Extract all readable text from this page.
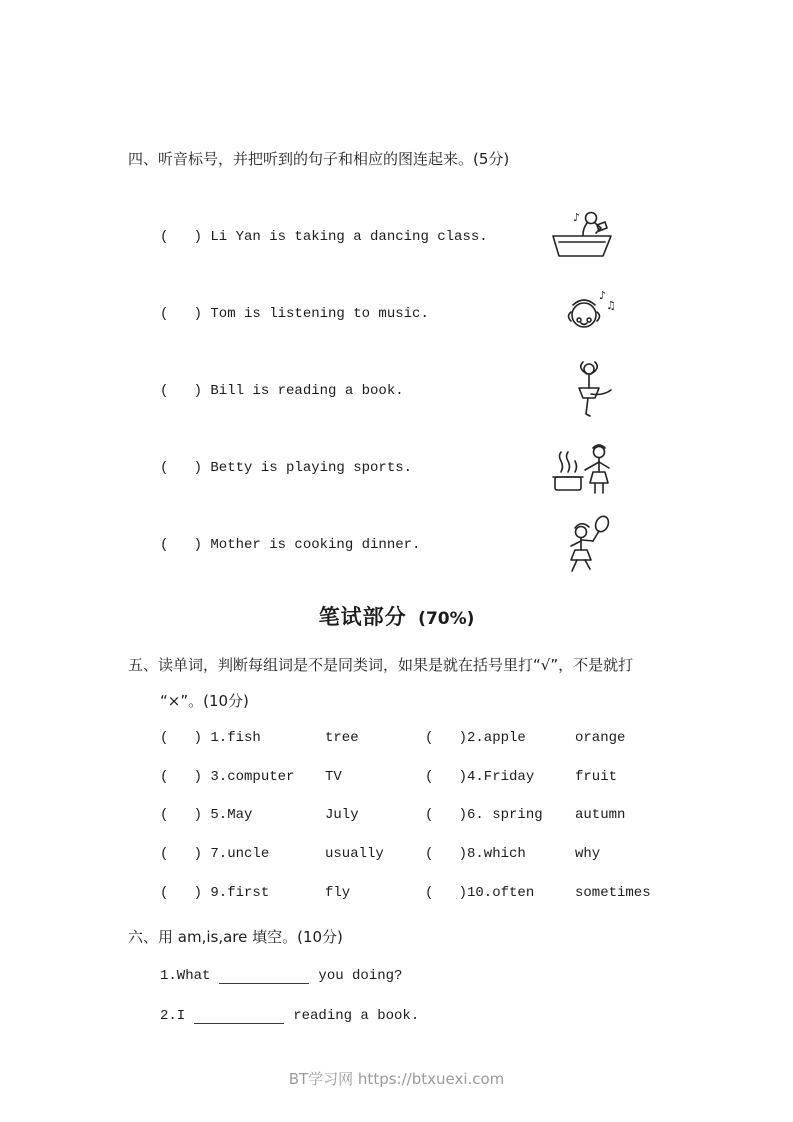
四、听音标号，并把听到的句子和相应的图连起来。(5分)
(   ) Li Yan is taking a dancing class.
♪
(   ) Tom is listening to music.
♪
♫
(   ) Bill is reading a book.
(   ) Betty is playing sports.
(   ) Mother is cooking dinner.
笔试部分 (70%)
五、读单词，判断每组词是不是同类词，如果是就在括号里打“√”，不是就打
“×”。(10分)
(   ) 1.fish	tree	(   )2.apple	orange
(   ) 3.computer	TV	(   )4.Friday	fruit
(   ) 5.May	July	(   )6. spring	autumn
(   ) 7.uncle	usually	(   )8.which	why
(   ) 9.first	fly	(   )10.often	sometimes
六、用 am,is,are 填空。(10分)
1.What	you doing?
2.I	reading a book.
BT学习网 https://btxuexi.com
